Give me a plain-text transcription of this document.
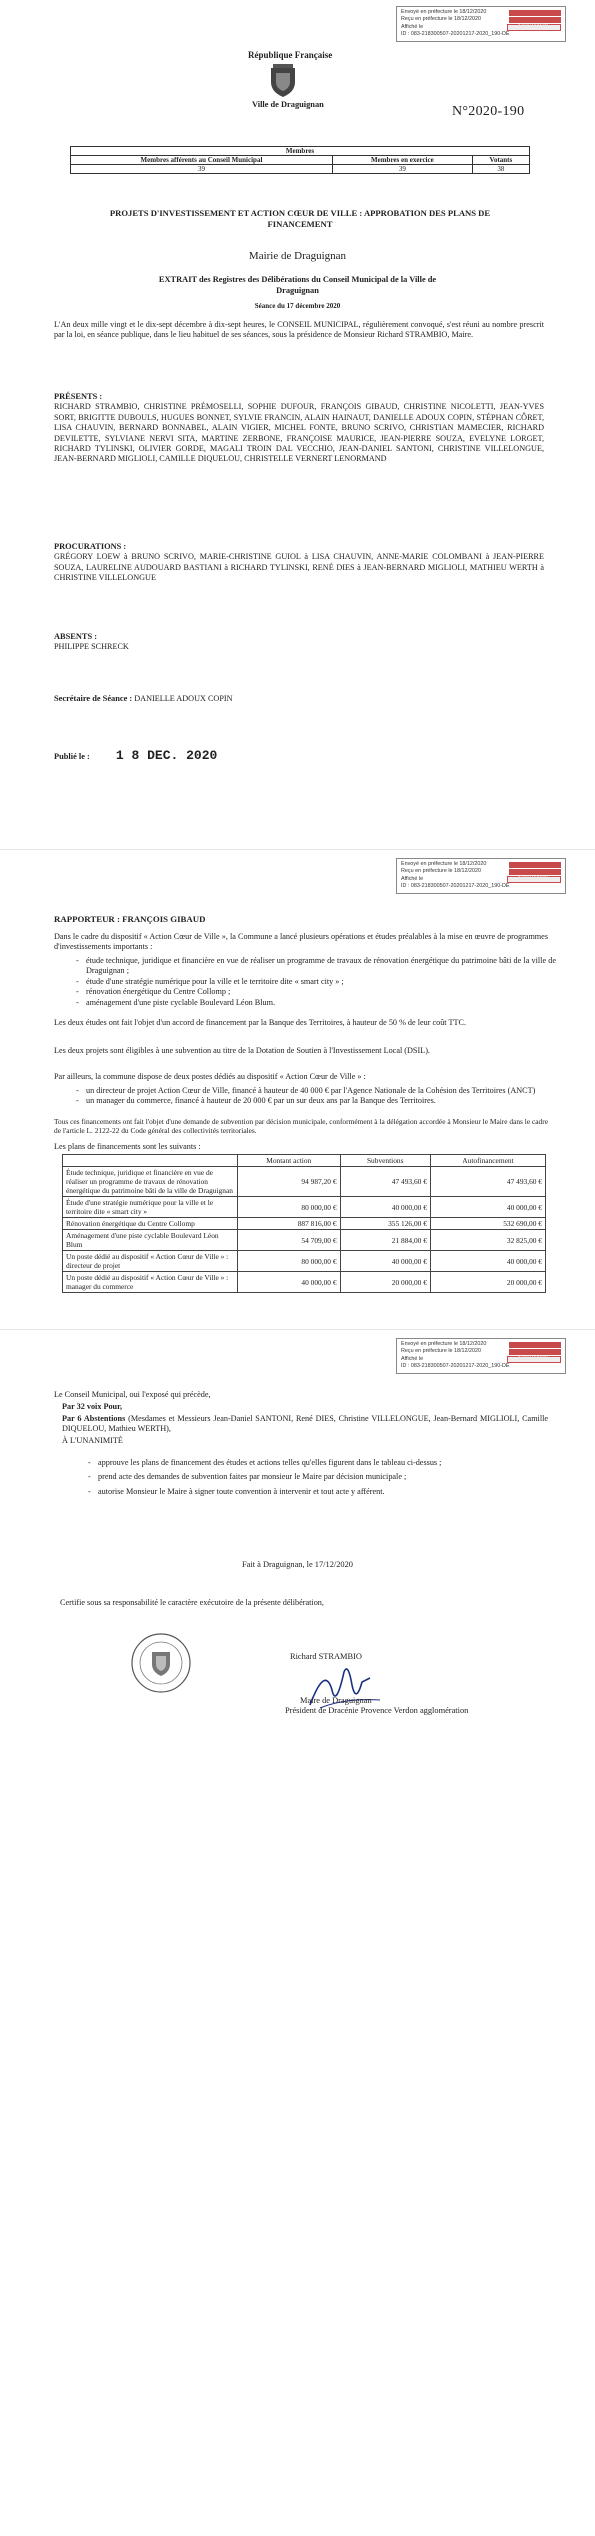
Envoyé en préfecture le 18/12/2020
Reçu en préfecture le 18/12/2020
Affiché le	18/12/2020
ID : 083-218300507-20201217-2020_190-DE
République Française
Ville de Draguignan	N°2020-190
Membres		
Membres afférents au Conseil Municipal	Membres en exercice	Votants
39	39	38
PROJETS D'INVESTISSEMENT ET ACTION CŒUR DE VILLE : APPROBATION DES PLANS DE FINANCEMENT
Mairie de Draguignan
EXTRAIT des Registres des Délibérations du Conseil Municipal de la Ville de Draguignan
Séance du 17 décembre 2020
L'An deux mille vingt et le dix-sept décembre à dix-sept heures, le CONSEIL MUNICIPAL, régulièrement convoqué, s'est réuni au nombre prescrit par la loi, en séance publique, dans le lieu habituel de ses séances, sous la présidence de Monsieur Richard STRAMBIO, Maire.
PRÉSENTS :
RICHARD STRAMBIO, CHRISTINE PRÉMOSELLI, SOPHIE DUFOUR, FRANÇOIS GIBAUD, CHRISTINE NICOLETTI, JEAN-YVES SORT, BRIGITTE DUBOULS, HUGUES BONNET, SYLVIE FRANCIN, ALAIN HAINAUT, DANIELLE ADOUX COPIN, STÉPHAN CÔRET, LISA CHAUVIN, BERNARD BONNABEL, ALAIN VIGIER, MICHEL FONTE, BRUNO SCRIVO, CHRISTIAN MAMECIER, RICHARD DEVILETTE, SYLVIANE NERVI SITA, MARTINE ZERBONE, FRANÇOISE MAURICE, JEAN-PIERRE SOUZA, EVELYNE LORGET, RICHARD TYLINSKI, OLIVIER GORDE, MAGALI TROIN DAL VECCHIO, JEAN-DANIEL SANTONI, CHRISTINE VILLELONGUE, JEAN-BERNARD MIGLIOLI, CAMILLE DIQUELOU, CHRISTELLE VERNERT LENORMAND
PROCURATIONS :
GRÉGORY LOEW à BRUNO SCRIVO, MARIE-CHRISTINE GUIOL à LISA CHAUVIN, ANNE-MARIE COLOMBANI à JEAN-PIERRE SOUZA, LAURELINE AUDOUARD BASTIANI à RICHARD TYLINSKI, RENÉ DIES à JEAN-BERNARD MIGLIOLI, MATHIEU WERTH à CHRISTINE VILLELONGUE
ABSENTS :
PHILIPPE SCHRECK
Secrétaire de Séance : DANIELLE ADOUX COPIN
Publié le : 1 8 DEC. 2020
Envoyé en préfecture le 18/12/2020
Reçu en préfecture le 18/12/2020
Affiché le	18/12/2020
ID : 083-218300507-20201217-2020_190-DE
RAPPORTEUR : FRANÇOIS GIBAUD
Dans le cadre du dispositif « Action Cœur de Ville », la Commune a lancé plusieurs opérations et études préalables à la mise en œuvre de programmes d'investissements importants :
- étude technique, juridique et financière en vue de réaliser un programme de travaux de rénovation énergétique du patrimoine bâti de la ville de Draguignan ;
- étude d'une stratégie numérique pour la ville et le territoire dite « smart city » ;
- rénovation énergétique du Centre Collomp ;
- aménagement d'une piste cyclable Boulevard Léon Blum.
Les deux études ont fait l'objet d'un accord de financement par la Banque des Territoires, à hauteur de 50 % de leur coût TTC.
Les deux projets sont éligibles à une subvention au titre de la Dotation de Soutien à l'Investissement Local (DSIL).
Par ailleurs, la commune dispose de deux postes dédiés au dispositif « Action Cœur de Ville » :
- un directeur de projet Action Cœur de Ville, financé à hauteur de 40 000 € par l'Agence Nationale de la Cohésion des Territoires (ANCT)
- un manager du commerce, financé à hauteur de 20 000 € par un sur deux ans par la Banque des Territoires.
Tous ces financements ont fait l'objet d'une demande de subvention par décision municipale, conformément à la délégation accordée à Monsieur le Maire dans le cadre de l'article L. 2122-22 du Code général des collectivités territoriales.
Les plans de financements sont les suivants :
	Montant action	Subventions	Autofinancement
Étude technique, juridique et financière en vue de réaliser un programme de travaux de rénovation énergétique du patrimoine bâti de la ville de Draguignan	94 987,20 €	47 493,60 €	47 493,60 €
Étude d'une stratégie numérique pour la ville et le territoire dite « smart city »	80 000,00 €	40 000,00 €	40 000,00 €
Rénovation énergétique du Centre Collomp	887 816,00 €	355 126,00 €	532 690,00 €
Aménagement d'une piste cyclable Boulevard Léon Blum	54 709,00 €	21 884,00 €	32 825,00 €
Un poste dédié au dispositif « Action Cœur de Ville » : directeur de projet	80 000,00 €	40 000,00 €	40 000,00 €
Un poste dédié au dispositif « Action Cœur de Ville » : manager du commerce	40 000,00 €	20 000,00 €	20 000,00 €
Envoyé en préfecture le 18/12/2020
Reçu en préfecture le 18/12/2020
Affiché le	18/12/2020
ID : 083-218300507-20201217-2020_190-DE
Le Conseil Municipal, oui l'exposé qui précède,
Par 32 voix Pour,
Par 6 Abstentions (Mesdames et Messieurs Jean-Daniel SANTONI, René DIES, Christine VILLELONGUE, Jean-Bernard MIGLIOLI, Camille DIQUELOU, Mathieu WERTH),
À L'UNANIMITÉ
- approuve les plans de financement des études et actions telles qu'elles figurent dans le tableau ci-dessus ;
- prend acte des demandes de subvention faites par monsieur le Maire par décision municipale ;
- autorise Monsieur le Maire à signer toute convention à intervenir et tout acte y afférent.
Fait à Draguignan, le 17/12/2020
Certifie sous sa responsabilité le caractère exécutoire de la présente délibération,
Richard STRAMBIO
Maire de Draguignan
Président de Dracénie Provence Verdon agglomération
